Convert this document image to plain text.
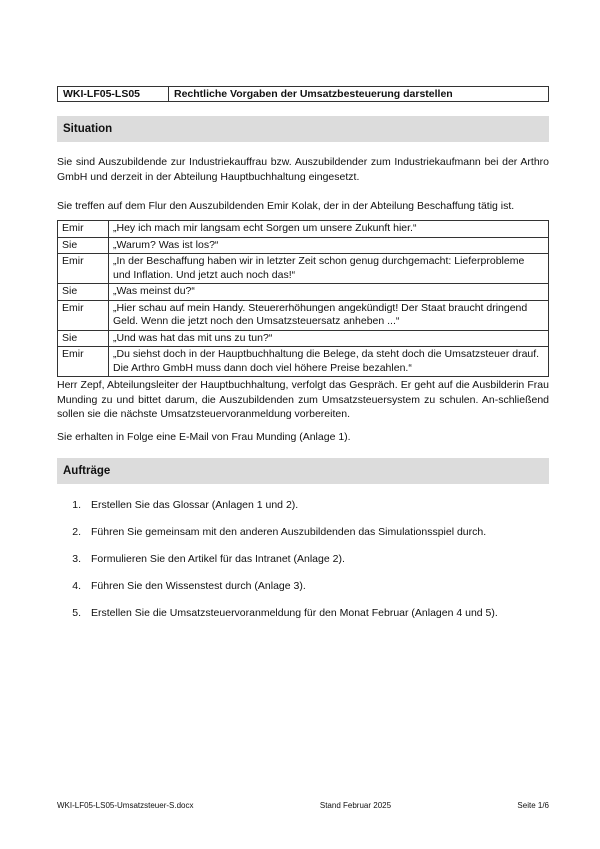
WKI-LF05-LS05	Rechtliche Vorgaben der Umsatzbesteuerung darstellen
Situation

Sie sind Auszubildende zur Industriekauffrau bzw. Auszubildender zum Industriekaufmann bei der Arthro GmbH und derzeit in der Abteilung Hauptbuchhaltung eingesetzt.

Sie treffen auf dem Flur den Auszubildenden Emir Kolak, der in der Abteilung Beschaffung tätig ist.

Emir	„Hey ich mach mir langsam echt Sorgen um unsere Zukunft hier.“
Sie	„Warum? Was ist los?“
Emir	„In der Beschaffung haben wir in letzter Zeit schon genug durchgemacht: Lieferprobleme und Inflation. Und jetzt auch noch das!“
Sie	„Was meinst du?“
Emir	„Hier schau auf mein Handy. Steuererhöhungen angekündigt! Der Staat braucht dringend Geld. Wenn die jetzt noch den Umsatzsteuersatz anheben ...“
Sie	„Und was hat das mit uns zu tun?“
Emir	„Du siehst doch in der Hauptbuchhaltung die Belege, da steht doch die Umsatzsteuer drauf. Die Arthro GmbH muss dann doch viel höhere Preise bezahlen.“

Herr Zepf, Abteilungsleiter der Hauptbuchhaltung, verfolgt das Gespräch. Er geht auf die Ausbilderin Frau Munding zu und bittet darum, die Auszubildenden zum Umsatzsteuersystem zu schulen. An-schließend sollen sie die nächste Umsatzsteuervoranmeldung vorbereiten.

Sie erhalten in Folge eine E-Mail von Frau Munding (Anlage 1).

Aufträge
1. Erstellen Sie das Glossar (Anlagen 1 und 2).
2. Führen Sie gemeinsam mit den anderen Auszubildenden das Simulationsspiel durch.
3. Formulieren Sie den Artikel für das Intranet (Anlage 2).
4. Führen Sie den Wissenstest durch (Anlage 3).
5. Erstellen Sie die Umsatzsteuervoranmeldung für den Monat Februar (Anlagen 4 und 5).
WKI-LF05-LS05-Umsatzsteuer-S.docx	Stand Februar 2025	Seite 1/6
